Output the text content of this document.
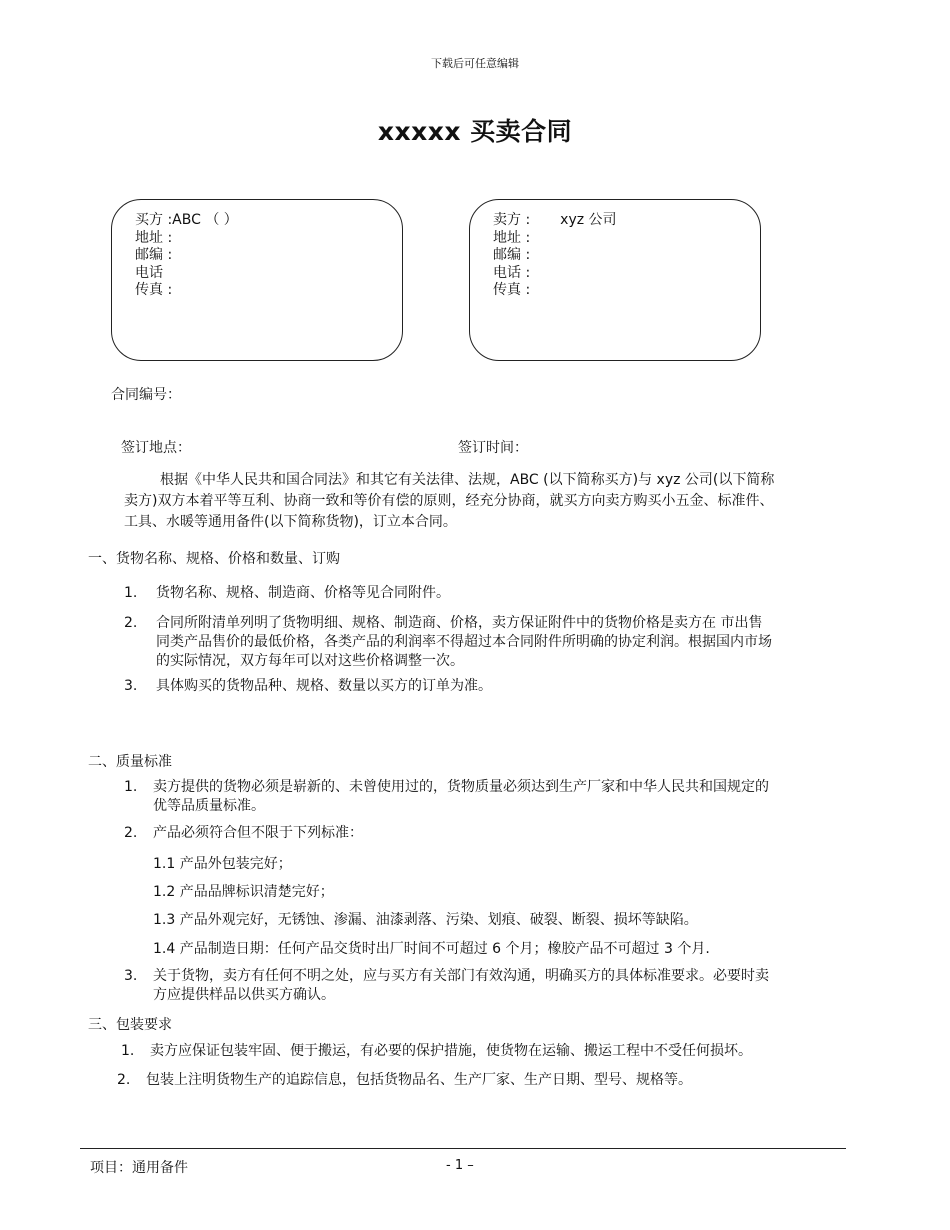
下载后可任意编辑
xxxxx 买卖合同
买方 :ABC （ ）
地址 :
邮编 :
电话
传真 :
卖方 : xyz 公司
地址 :
邮编 :
电话 :
传真 :
合同编号：
签订地点：	签订时间：
根据《中华人民共和国合同法》和其它有关法律、法规，ABC (以下简称买方)与 xyz 公司(以下简称
卖方)双方本着平等互利、协商一致和等价有偿的原则，经充分协商，就买方向卖方购买小五金、标准件、
工具、水暖等通用备件(以下简称货物)，订立本合同。
一、货物名称、规格、价格和数量、订购
1. 货物名称、规格、制造商、价格等见合同附件。
2. 合同所附清单列明了货物明细、规格、制造商、价格，卖方保证附件中的货物价格是卖方在 市出售
同类产品售价的最低价格，各类产品的利润率不得超过本合同附件所明确的协定利润。根据国内市场
的实际情况，双方每年可以对这些价格调整一次。
3. 具体购买的货物品种、规格、数量以买方的订单为准。
二、质量标准
1. 卖方提供的货物必须是崭新的、未曾使用过的，货物质量必须达到生产厂家和中华人民共和国规定的
优等品质量标准。
2. 产品必须符合但不限于下列标准：
1.1 产品外包装完好；
1.2 产品品牌标识清楚完好；
1.3 产品外观完好，无锈蚀、渗漏、油漆剥落、污染、划痕、破裂、断裂、损坏等缺陷。
1.4 产品制造日期：任何产品交货时出厂时间不可超过 6 个月；橡胶产品不可超过 3 个月.
3. 关于货物，卖方有任何不明之处，应与买方有关部门有效沟通，明确买方的具体标准要求。必要时卖
方应提供样品以供买方确认。
三、包装要求
1. 卖方应保证包装牢固、便于搬运，有必要的保护措施，使货物在运输、搬运工程中不受任何损坏。
2. 包装上注明货物生产的追踪信息，包括货物品名、生产厂家、生产日期、型号、规格等。
项目：通用备件	- 1 –
